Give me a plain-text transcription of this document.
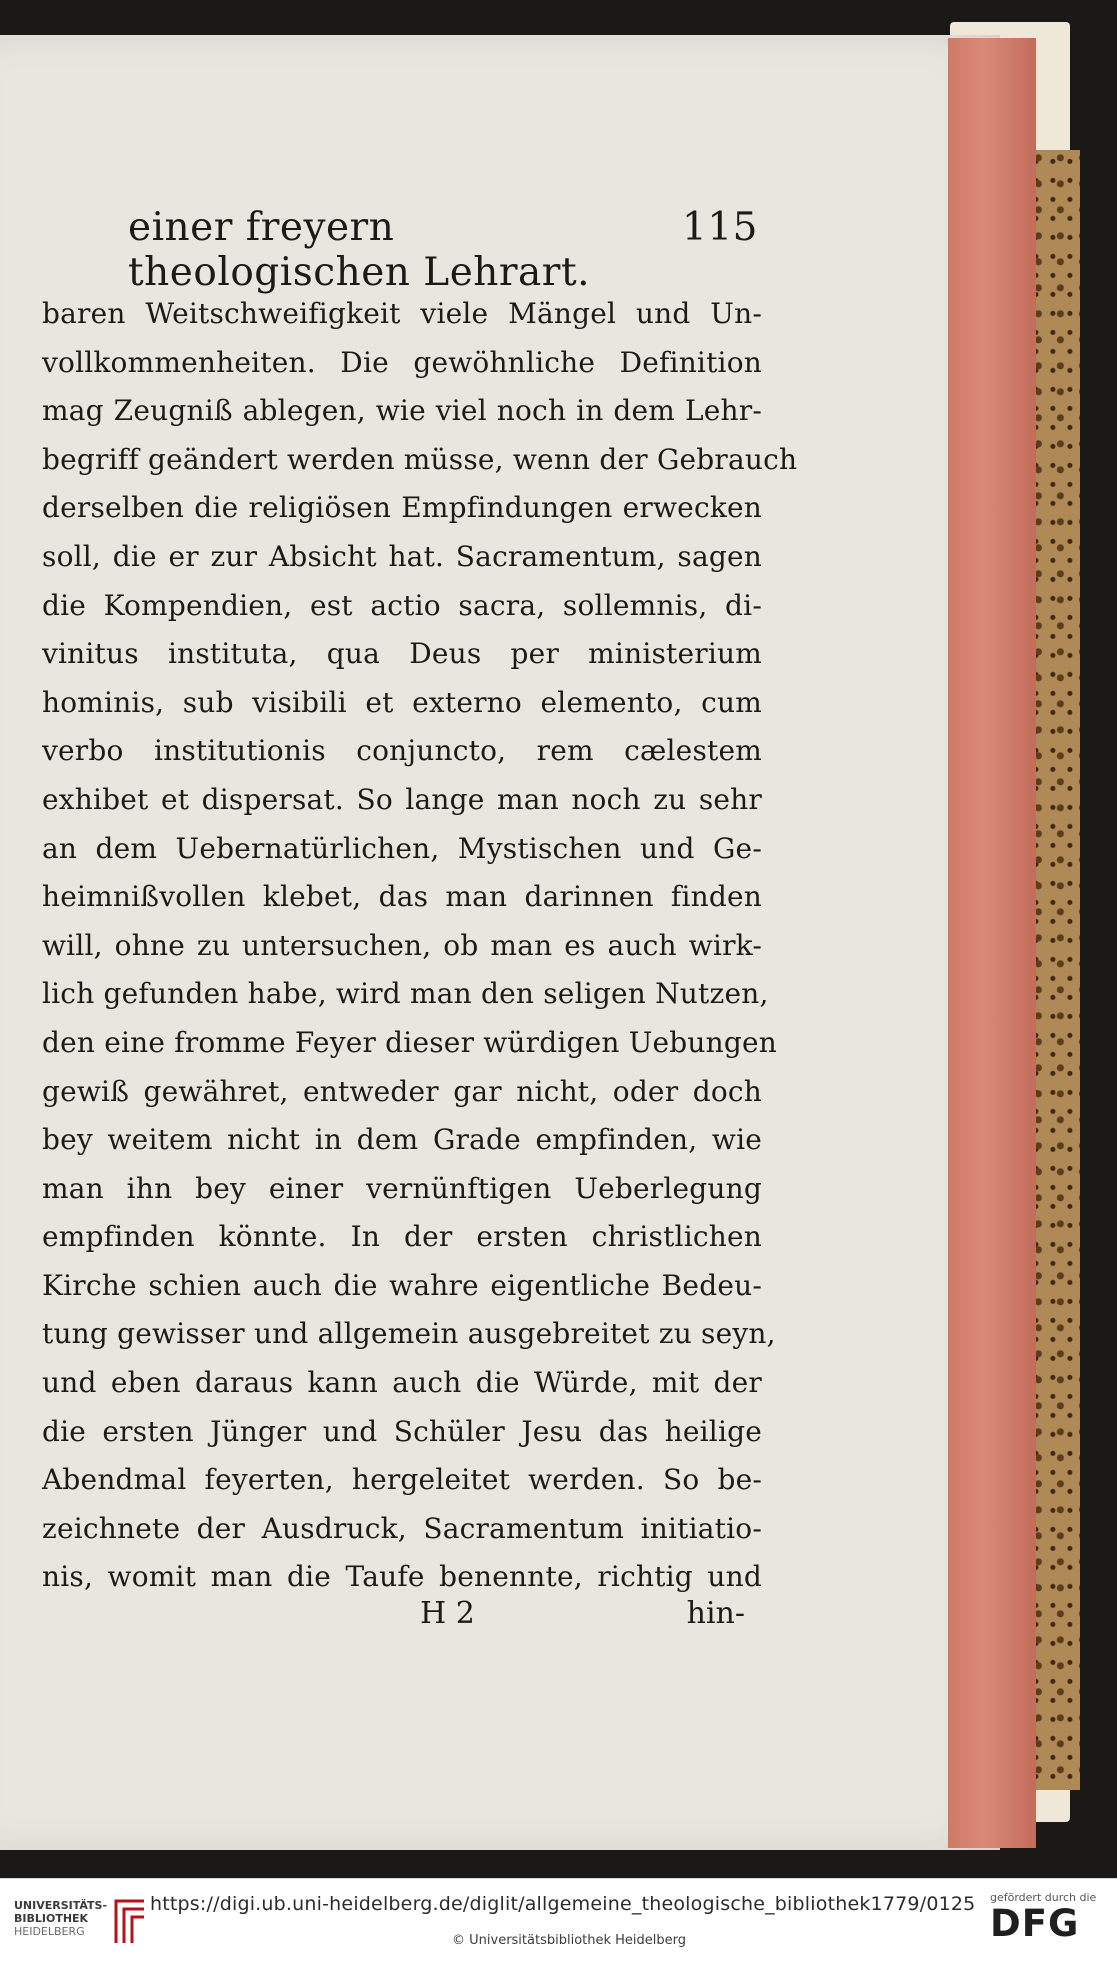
einer freyern theologischen Lehrart.
115
baren Weitschweifigkeit viele Mängel und Un-
vollkommenheiten. Die gewöhnliche Definition
mag Zeugniß ablegen, wie viel noch in dem Lehr-
begriff geändert werden müsse, wenn der Gebrauch
derselben die religiösen Empfindungen erwecken
soll, die er zur Absicht hat. Sacramentum, sagen
die Kompendien, est actio sacra, sollemnis, di-
vinitus instituta, qua Deus per ministerium
hominis, sub visibili et externo elemento, cum
verbo institutionis conjuncto, rem cælestem
exhibet et dispersat. So lange man noch zu sehr
an dem Uebernatürlichen, Mystischen und Ge-
heimnißvollen klebet, das man darinnen finden
will, ohne zu untersuchen, ob man es auch wirk-
lich gefunden habe, wird man den seligen Nutzen,
den eine fromme Feyer dieser würdigen Uebungen
gewiß gewähret, entweder gar nicht, oder doch
bey weitem nicht in dem Grade empfinden, wie
man ihn bey einer vernünftigen Ueberlegung
empfinden könnte. In der ersten christlichen
Kirche schien auch die wahre eigentliche Bedeu-
tung gewisser und allgemein ausgebreitet zu seyn,
und eben daraus kann auch die Würde, mit der
die ersten Jünger und Schüler Jesu das heilige
Abendmal feyerten, hergeleitet werden. So be-
zeichnete der Ausdruck, Sacramentum initiatio-
nis, womit man die Taufe benennte, richtig und
H 2	hin-
UNIVERSITÄTS-
BIBLIOTHEK
HEIDELBERG
https://digi.ub.uni-heidelberg.de/diglit/allgemeine_theologische_bibliothek1779/0125
© Universitätsbibliothek Heidelberg
gefördert durch die
DFG
